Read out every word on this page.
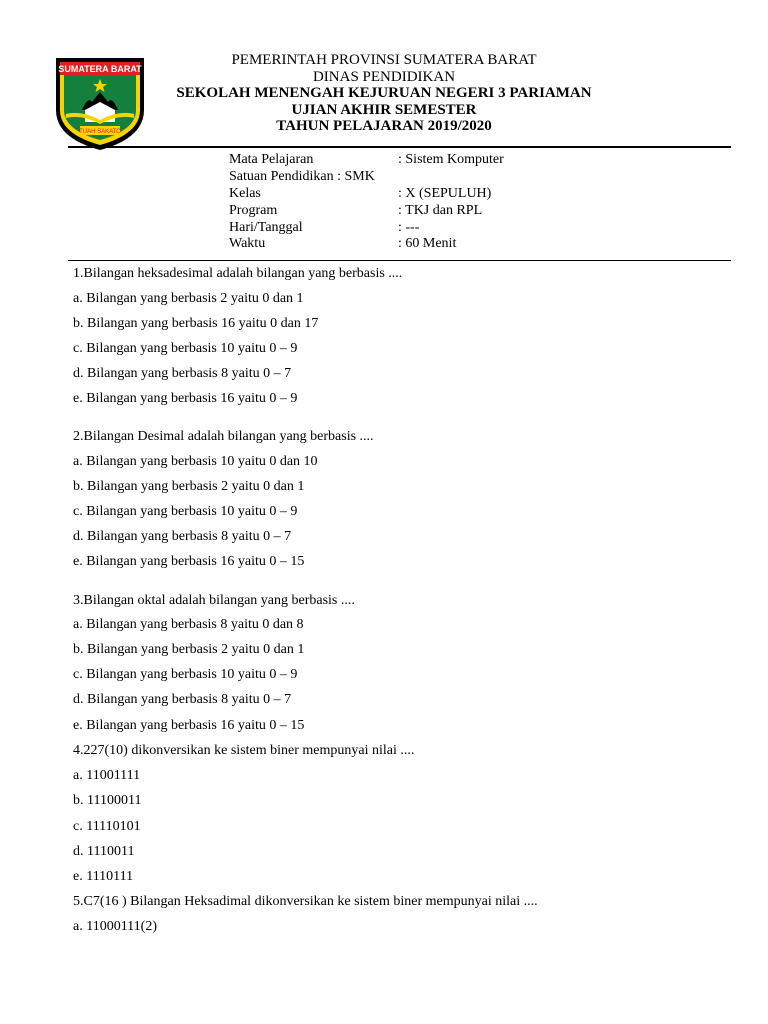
SUMATERA BARAT
TUAH SAKATO
PEMERINTAH PROVINSI SUMATERA BARAT
DINAS PENDIDIKAN
SEKOLAH MENENGAH KEJURUAN NEGERI 3 PARIAMAN
UJIAN AKHIR SEMESTER
TAHUN PELAJARAN 2019/2020
Mata Pelajaran	: Sistem Komputer
Satuan Pendidikan : SMK
Kelas	: X (SEPULUH)
Program	: TKJ dan RPL
Hari/Tanggal	: ---
Waktu	: 60 Menit
1.Bilangan heksadesimal adalah bilangan yang berbasis ....
a. Bilangan yang berbasis 2 yaitu 0 dan 1
b. Bilangan yang berbasis 16 yaitu 0 dan 17
c. Bilangan yang berbasis 10 yaitu 0 – 9
d. Bilangan yang berbasis 8 yaitu 0 – 7
e. Bilangan yang berbasis 16 yaitu 0 – 9
2.Bilangan Desimal adalah bilangan yang berbasis ....
a. Bilangan yang berbasis 10 yaitu 0 dan 10
b. Bilangan yang berbasis 2 yaitu 0 dan 1
c. Bilangan yang berbasis 10 yaitu 0 – 9
d. Bilangan yang berbasis 8 yaitu 0 – 7
e. Bilangan yang berbasis 16 yaitu 0 – 15
3.Bilangan oktal adalah bilangan yang berbasis ....
a. Bilangan yang berbasis 8 yaitu 0 dan 8
b. Bilangan yang berbasis 2 yaitu 0 dan 1
c. Bilangan yang berbasis 10 yaitu 0 – 9
d. Bilangan yang berbasis 8 yaitu 0 – 7
e. Bilangan yang berbasis 16 yaitu 0 – 15
4.227(10) dikonversikan ke sistem biner mempunyai nilai ....
a. 11001111
b. 11100011
c. 11110101
d. 1110011
e. 1110111
5.C7(16 ) Bilangan Heksadimal dikonversikan ke sistem biner mempunyai nilai ....
a. 11000111(2)
